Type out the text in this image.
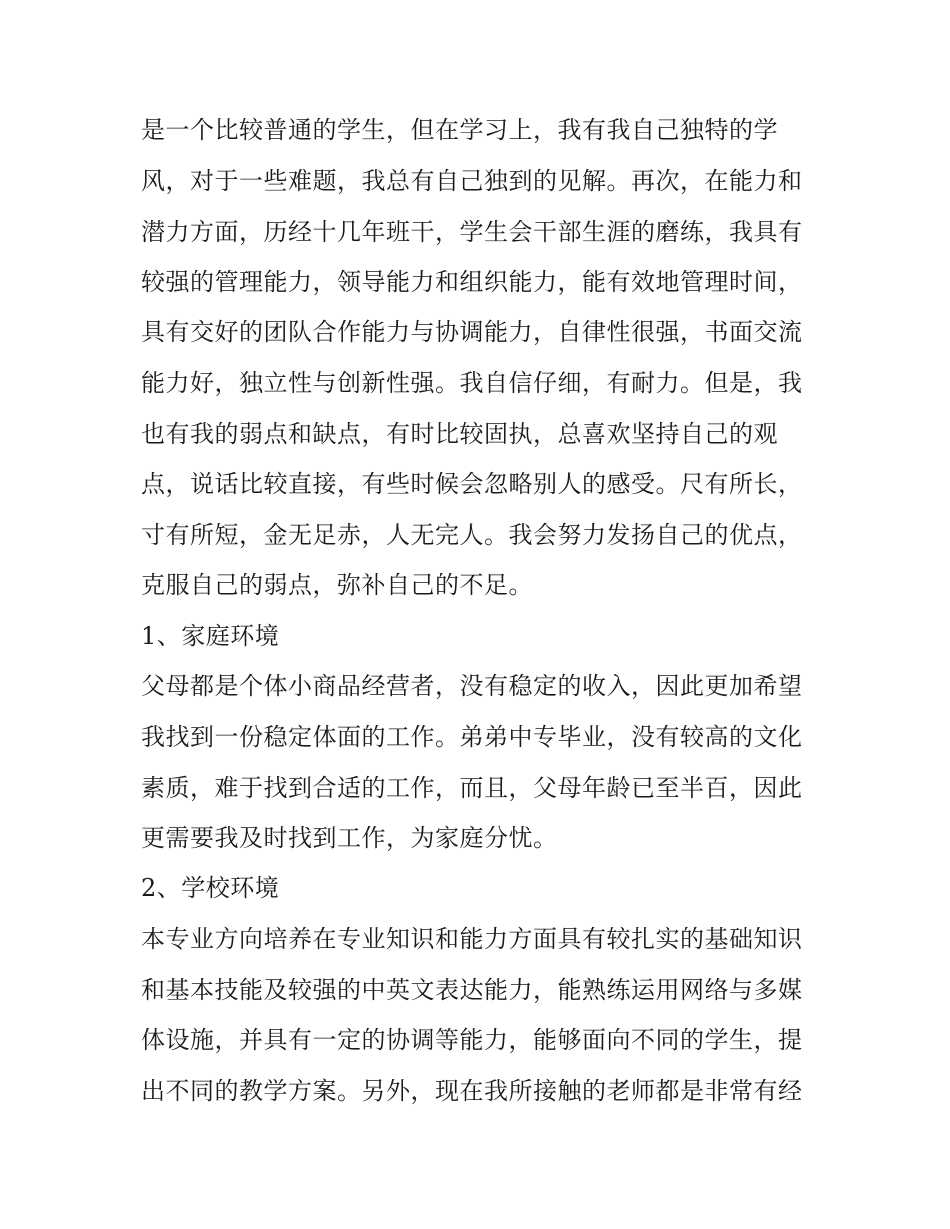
是一个比较普通的学生，但在学习上，我有我自己独特的学
风，对于一些难题，我总有自己独到的见解。再次，在能力和
潜力方面，历经十几年班干，学生会干部生涯的磨练，我具有
较强的管理能力，领导能力和组织能力，能有效地管理时间，
具有交好的团队合作能力与协调能力，自律性很强，书面交流
能力好，独立性与创新性强。我自信仔细，有耐力。但是，我
也有我的弱点和缺点，有时比较固执，总喜欢坚持自己的观
点，说话比较直接，有些时候会忽略别人的感受。尺有所长，
寸有所短，金无足赤，人无完人。我会努力发扬自己的优点，
克服自己的弱点，弥补自己的不足。
1、家庭环境
父母都是个体小商品经营者，没有稳定的收入，因此更加希望
我找到一份稳定体面的工作。弟弟中专毕业，没有较高的文化
素质，难于找到合适的工作，而且，父母年龄已至半百，因此
更需要我及时找到工作，为家庭分忧。
2、学校环境
本专业方向培养在专业知识和能力方面具有较扎实的基础知识
和基本技能及较强的中英文表达能力，能熟练运用网络与多媒
体设施，并具有一定的协调等能力，能够面向不同的学生，提
出不同的教学方案。另外，现在我所接触的老师都是非常有经
